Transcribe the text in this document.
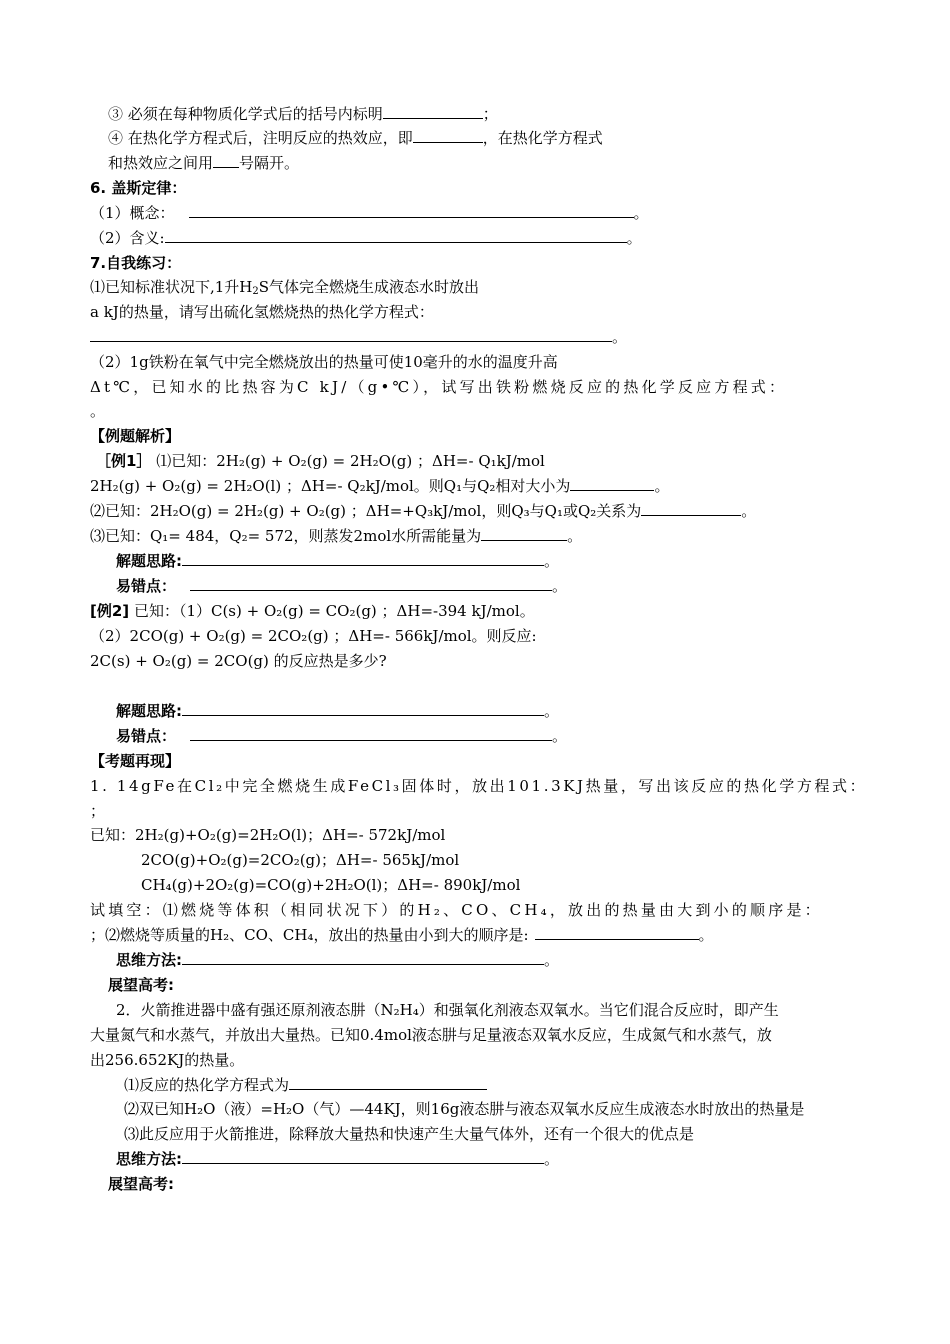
③ 必须在每种物质化学式后的括号内标明	；
④ 在热化学方程式后，注明反应的热效应，即	，在热化学方程式
和热效应之间用 号隔开。
6. 盖斯定律：
（1）概念：	。
（2）含义:	。
7.自我练习：
⑴已知标准状况下,1升$H_2S$气体完全燃烧生成液态水时放出
a kJ的热量，请写出硫化氢燃烧热的热化学方程式：
。
（2）1g铁粉在氧气中完全燃烧放出的热量可使10毫升的水的温度升高
Δt℃，已知水的比热容为C kJ/（g•℃），试写出铁粉燃烧反应的热化学反应方程式：
。
【例题解析】
［例1］ ⑴已知：2H₂(g) + O₂(g) = 2H₂O(g) ；ΔH=- Q₁kJ/mol
2H₂(g) + O₂(g) = 2H₂O(l) ；ΔH=- Q₂kJ/mol。则Q₁与Q₂相对大小为	。
⑵已知：2H₂O(g) = 2H₂(g) + O₂(g) ；ΔH=+Q₃kJ/mol，则Q₃与Q₁或Q₂关系为	。
⑶已知：Q₁= 484，Q₂= 572，则蒸发2mol水所需能量为	。
解题思路:	。
易错点：	。
[例2] 已知：（1）C(s) + O₂(g) = CO₂(g) ；ΔH=-394 kJ/mol。
（2）2CO(g) + O₂(g) = 2CO₂(g) ；ΔH=- 566kJ/mol。则反应:
2C(s) + O₂(g) = 2CO(g) 的反应热是多少?
解题思路:	。
易错点：	。
【考题再现】
1. 14gFe在Cl₂中完全燃烧生成FeCl₃固体时，放出101.3KJ热量，写出该反应的热化学方程式：
；
已知：2H₂(g)+O₂(g)=2H₂O(l)；ΔH=- 572kJ/mol
2CO(g)+O₂(g)=2CO₂(g)；ΔH=- 565kJ/mol
CH₄(g)+2O₂(g)=CO(g)+2H₂O(l)；ΔH=- 890kJ/mol
试填空：⑴燃烧等体积（相同状况下）的H₂、CO、CH₄，放出的热量由大到小的顺序是：
；⑵燃烧等质量的H₂、CO、CH₄，放出的热量由小到大的顺序是:	。
思维方法:	。
展望高考:
2．火箭推进器中盛有强还原剂液态肼（N₂H₄）和强氧化剂液态双氧水。当它们混合反应时，即产生
大量氮气和水蒸气，并放出大量热。已知0.4mol液态肼与足量液态双氧水反应，生成氮气和水蒸气，放
出256.652KJ的热量。
⑴反应的热化学方程式为
⑵双已知H₂O（液）=H₂O（气）—44KJ，则16g液态肼与液态双氧水反应生成液态水时放出的热量是
⑶此反应用于火箭推进，除释放大量热和快速产生大量气体外，还有一个很大的优点是
思维方法:	。
展望高考:
